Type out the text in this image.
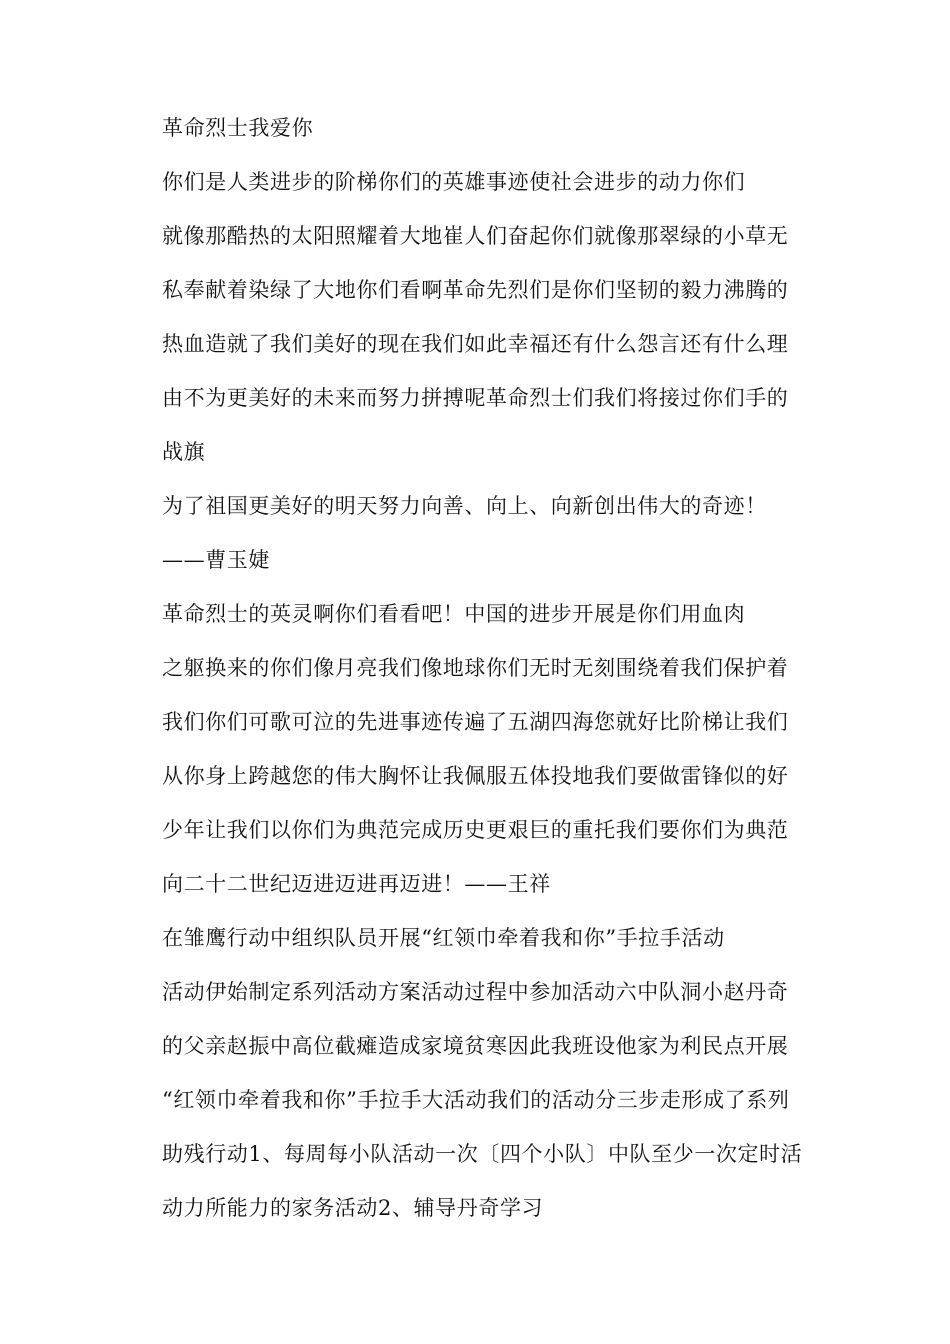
革命烈士我爱你
你们是人类进步的阶梯你们的英雄事迹使社会进步的动力你们
就像那酷热的太阳照耀着大地崔人们奋起你们就像那翠绿的小草无
私奉献着染绿了大地你们看啊革命先烈们是你们坚韧的毅力沸腾的
热血造就了我们美好的现在我们如此幸福还有什么怨言还有什么理
由不为更美好的未来而努力拼搏呢革命烈士们我们将接过你们手的
战旗
为了祖国更美好的明天努力向善、向上、向新创出伟大的奇迹！
——曹玉婕
革命烈士的英灵啊你们看看吧！中国的进步开展是你们用血肉
之躯换来的你们像月亮我们像地球你们无时无刻围绕着我们保护着
我们你们可歌可泣的先进事迹传遍了五湖四海您就好比阶梯让我们
从你身上跨越您的伟大胸怀让我佩服五体投地我们要做雷锋似的好
少年让我们以你们为典范完成历史更艰巨的重托我们要你们为典范
向二十二世纪迈进迈进再迈进！——王祥
在雏鹰行动中组织队员开展“红领巾牵着我和你”手拉手活动
活动伊始制定系列活动方案活动过程中参加活动六中队洞小赵丹奇
的父亲赵振中高位截瘫造成家境贫寒因此我班设他家为利民点开展
“红领巾牵着我和你”手拉手大活动我们的活动分三步走形成了系列
助残行动1、每周每小队活动一次〔四个小队〕中队至少一次定时活
动力所能力的家务活动2、辅导丹奇学习
